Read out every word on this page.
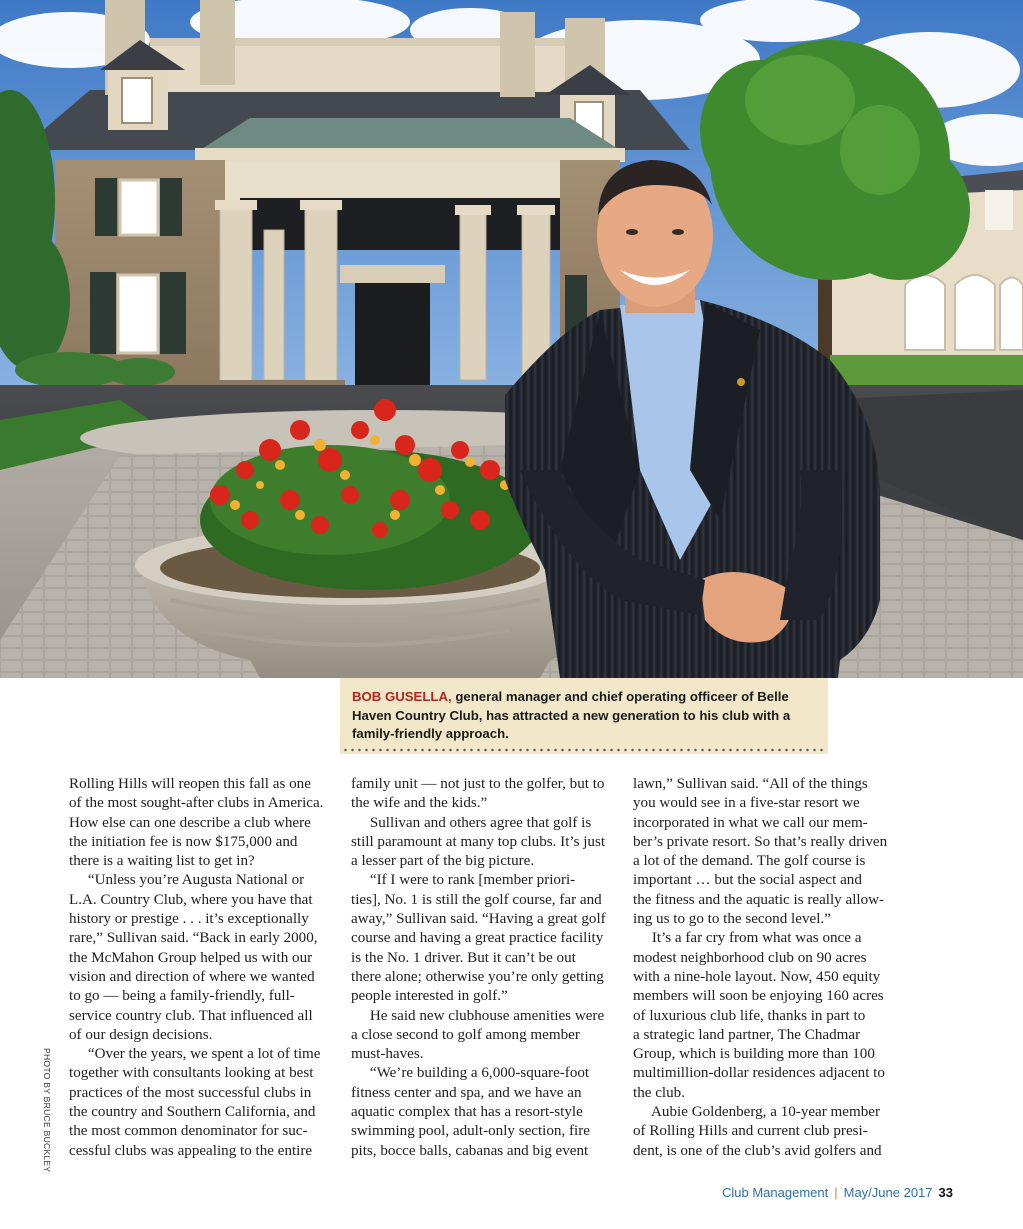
BOB GUSELLA, general manager and chief operating officeer of Belle Haven Country Club, has attracted a new generation to his club with a family-friendly approach.
PHOTO BY BRUCE BUCKLEY
Rolling Hills will reopen this fall as one
of the most sought-after clubs in America.
How else can one describe a club where
the initiation fee is now $175,000 and
there is a waiting list to get in?
“Unless you’re Augusta National or
L.A. Country Club, where you have that
history or prestige . . . it’s exceptionally
rare,” Sullivan said. “Back in early 2000,
the McMahon Group helped us with our
vision and direction of where we wanted
to go — being a family-friendly, full-
service country club. That influenced all
of our design decisions.
“Over the years, we spent a lot of time
together with consultants looking at best
practices of the most successful clubs in
the country and Southern California, and
the most common denominator for suc-
cessful clubs was appealing to the entire
family unit — not just to the golfer, but to
the wife and the kids.”
Sullivan and others agree that golf is
still paramount at many top clubs. It’s just
a lesser part of the big picture.
“If I were to rank [member priori-
ties], No. 1 is still the golf course, far and
away,” Sullivan said. “Having a great golf
course and having a great practice facility
is the No. 1 driver. But it can’t be out
there alone; otherwise you’re only getting
people interested in golf.”
He said new clubhouse amenities were
a close second to golf among member
must-haves.
“We’re building a 6,000-square-foot
fitness center and spa, and we have an
aquatic complex that has a resort-style
swimming pool, adult-only section, fire
pits, bocce balls, cabanas and big event
lawn,” Sullivan said. “All of the things
you would see in a five-star resort we
incorporated in what we call our mem-
ber’s private resort. So that’s really driven
a lot of the demand. The golf course is
important … but the social aspect and
the fitness and the aquatic is really allow-
ing us to go to the second level.”
It’s a far cry from what was once a
modest neighborhood club on 90 acres
with a nine-hole layout. Now, 450 equity
members will soon be enjoying 160 acres
of luxurious club life, thanks in part to
a strategic land partner, The Chadmar
Group, which is building more than 100
multimillion-dollar residences adjacent to
the club.
Aubie Goldenberg, a 10-year member
of Rolling Hills and current club presi-
dent, is one of the club’s avid golfers and
Club Management | May/June 2017 33
